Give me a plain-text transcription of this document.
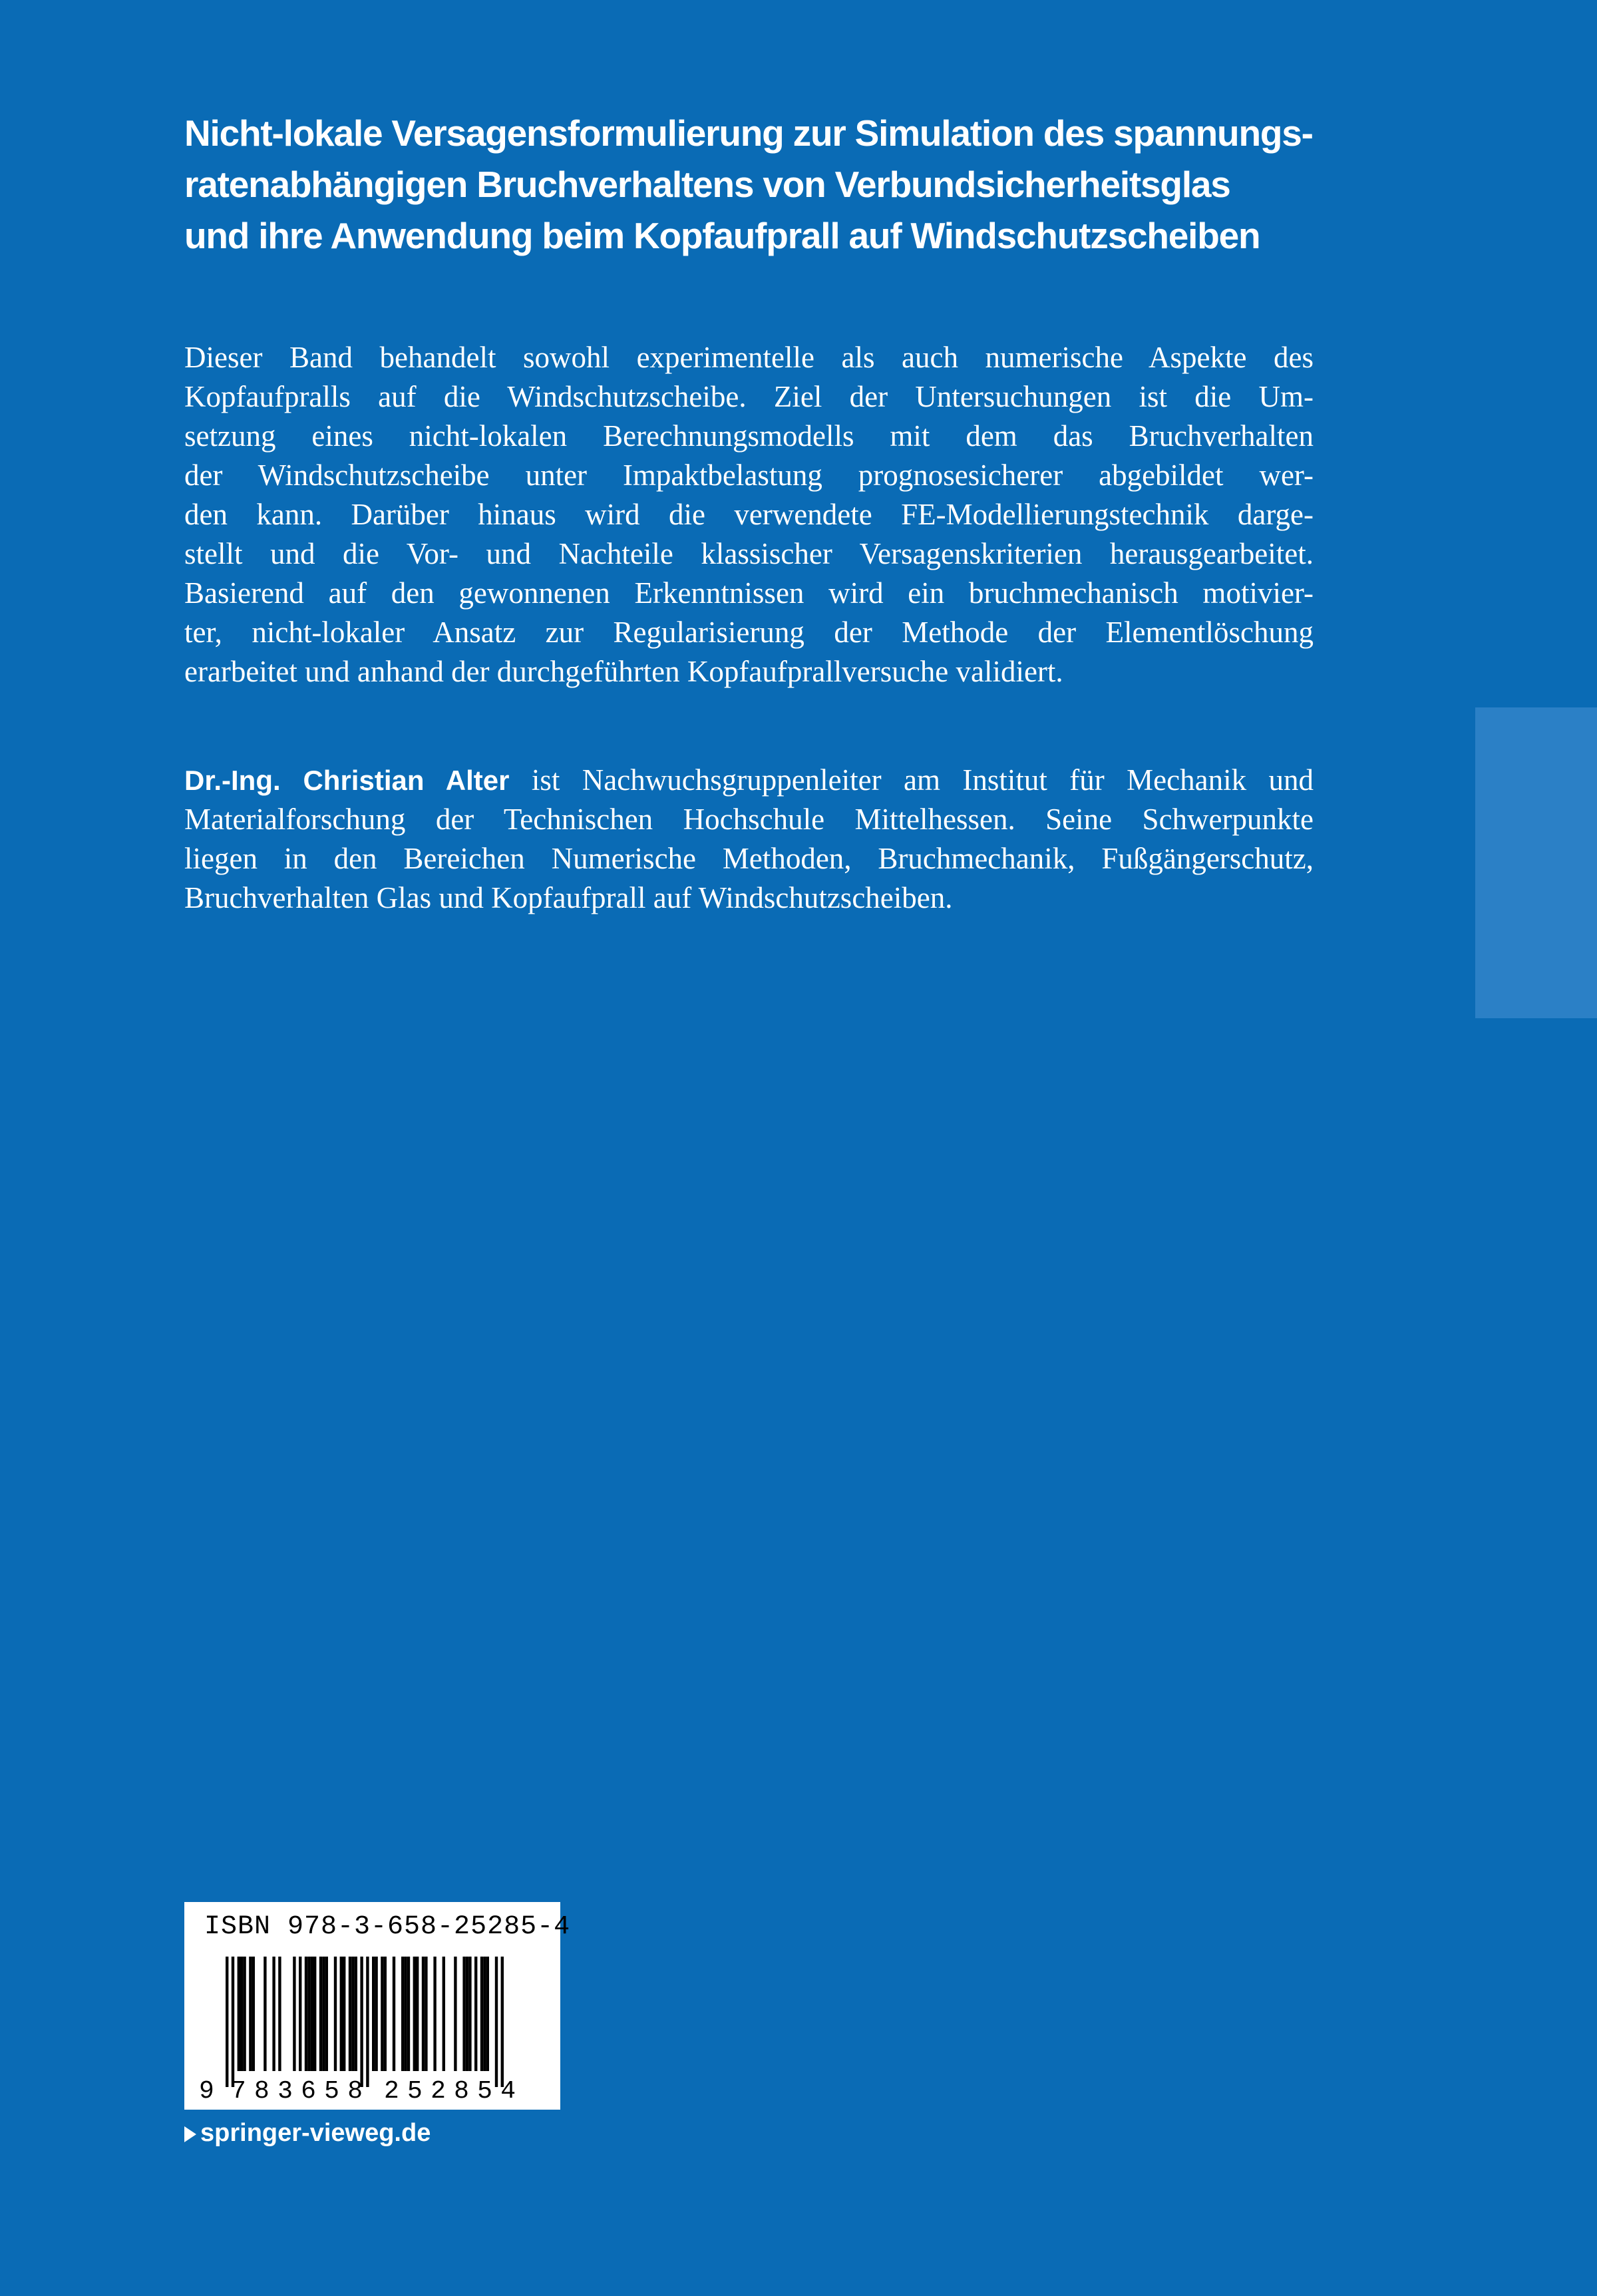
Nicht-lokale Versagensformulierung zur Simulation des spannungs-
ratenabhängigen Bruchverhaltens von Verbundsicherheitsglas
und ihre Anwendung beim Kopfaufprall auf Windschutzscheiben
Dieser Band behandelt sowohl experimentelle als auch numerische Aspekte des
Kopfaufpralls auf die Windschutzscheibe. Ziel der Untersuchungen ist die Um-
setzung eines nicht-lokalen Berechnungsmodells mit dem das Bruchverhalten
der Windschutzscheibe unter Impaktbelastung prognosesicherer abgebildet wer-
den kann. Darüber hinaus wird die verwendete FE-Modellierungstechnik darge-
stellt und die Vor- und Nachteile klassischer Versagenskriterien herausgearbeitet.
Basierend auf den gewonnenen Erkenntnissen wird ein bruchmechanisch motivier-
ter, nicht-lokaler Ansatz zur Regularisierung der Methode der Elementlöschung
erarbeitet und anhand der durchgeführten Kopfaufprallversuche validiert.
Dr.-Ing. Christian Alter ist Nachwuchsgruppenleiter am Institut für Mechanik und
Materialforschung der Technischen Hochschule Mittelhessen. Seine Schwerpunkte
liegen in den Bereichen Numerische Methoden, Bruchmechanik, Fußgängerschutz,
Bruchverhalten Glas und Kopfaufprall auf Windschutzscheiben.
ISBN 978-3-658-25285-4
9 783658 252854
springer-vieweg.de
